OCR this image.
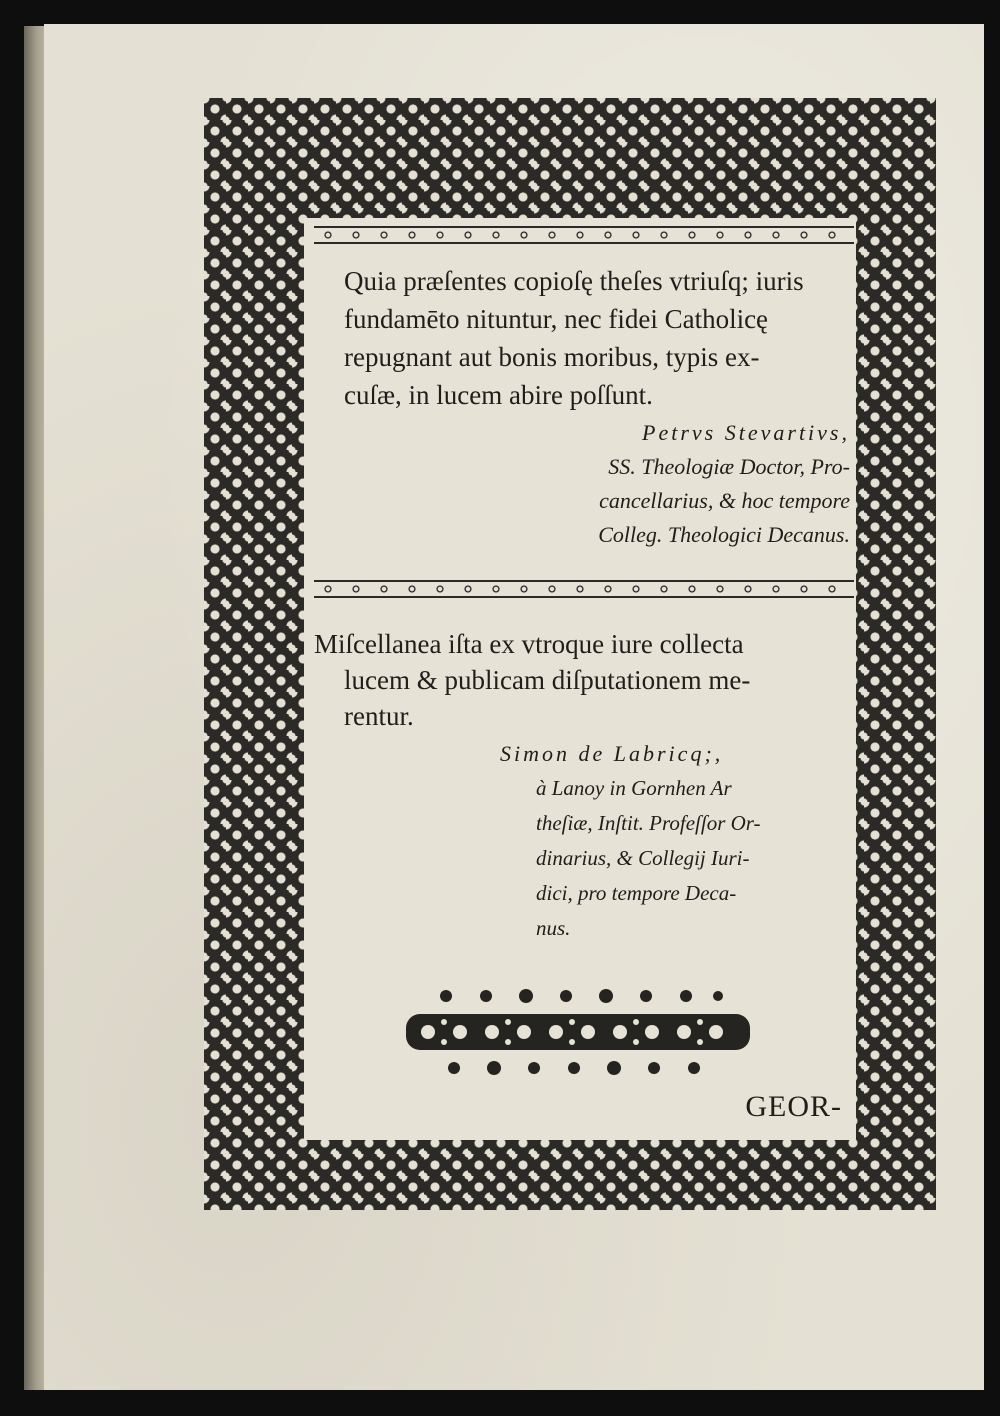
Quia præſentes copioſę theſes vtriuſq; iuris
fundamēto nituntur, nec fidei Catholicę
repugnant aut bonis moribus, typis ex-
cuſæ, in lucem abire poſſunt.

Petrvs Stevartivs,
SS. Theologiæ Doctor, Pro-
cancellarius, & hoc tempore
Colleg. Theologici Decanus.

Miſcellanea iſta ex vtroque iure collecta
lucem & publicam diſputationem me-
rentur.

Simon de Labricq;,
à Lanoy in Gornhen Ar
theſiæ, Inſtit. Profeſſor Or-
dinarius, & Collegij Iuri-
dici, pro tempore Deca-
nus.
GEOR-
